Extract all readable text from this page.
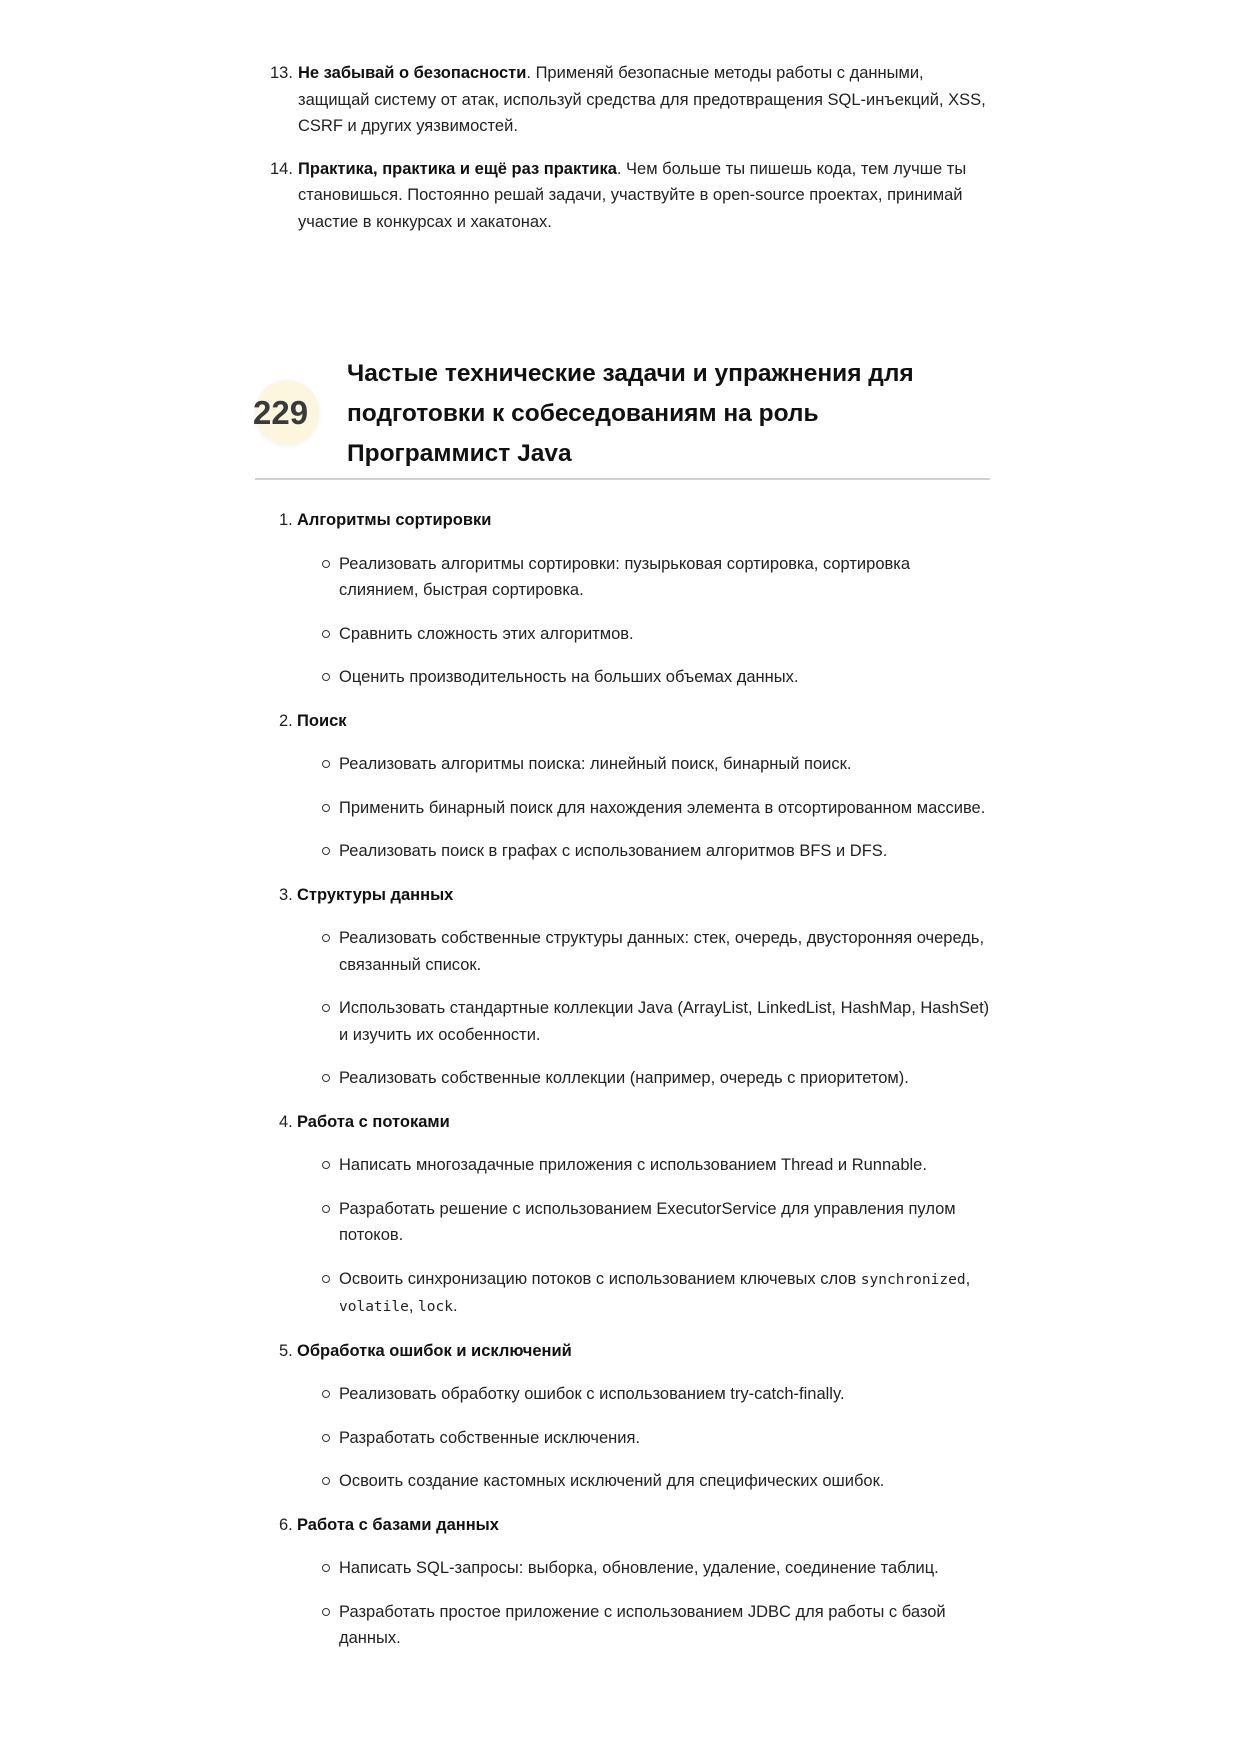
13. Не забывай о безопасности. Применяй безопасные методы работы с данными, защищай систему от атак, используй средства для предотвращения SQL-инъекций, XSS, CSRF и других уязвимостей.
14. Практика, практика и ещё раз практика. Чем больше ты пишешь кода, тем лучше ты становишься. Постоянно решай задачи, участвуйте в open-source проектах, принимай участие в конкурсах и хакатонах.
229
Частые технические задачи и упражнения для подготовки к собеседованиям на роль Программист Java
1. Алгоритмы сортировки
Реализовать алгоритмы сортировки: пузырьковая сортировка, сортировка слиянием, быстрая сортировка.
Сравнить сложность этих алгоритмов.
Оценить производительность на больших объемах данных.
2. Поиск
Реализовать алгоритмы поиска: линейный поиск, бинарный поиск.
Применить бинарный поиск для нахождения элемента в отсортированном массиве.
Реализовать поиск в графах с использованием алгоритмов BFS и DFS.
3. Структуры данных
Реализовать собственные структуры данных: стек, очередь, двусторонняя очередь, связанный список.
Использовать стандартные коллекции Java (ArrayList, LinkedList, HashMap, HashSet) и изучить их особенности.
Реализовать собственные коллекции (например, очередь с приоритетом).
4. Работа с потоками
Написать многозадачные приложения с использованием Thread и Runnable.
Разработать решение с использованием ExecutorService для управления пулом потоков.
Освоить синхронизацию потоков с использованием ключевых слов synchronized, volatile, lock.
5. Обработка ошибок и исключений
Реализовать обработку ошибок с использованием try-catch-finally.
Разработать собственные исключения.
Освоить создание кастомных исключений для специфических ошибок.
6. Работа с базами данных
Написать SQL-запросы: выборка, обновление, удаление, соединение таблиц.
Разработать простое приложение с использованием JDBC для работы с базой данных.
